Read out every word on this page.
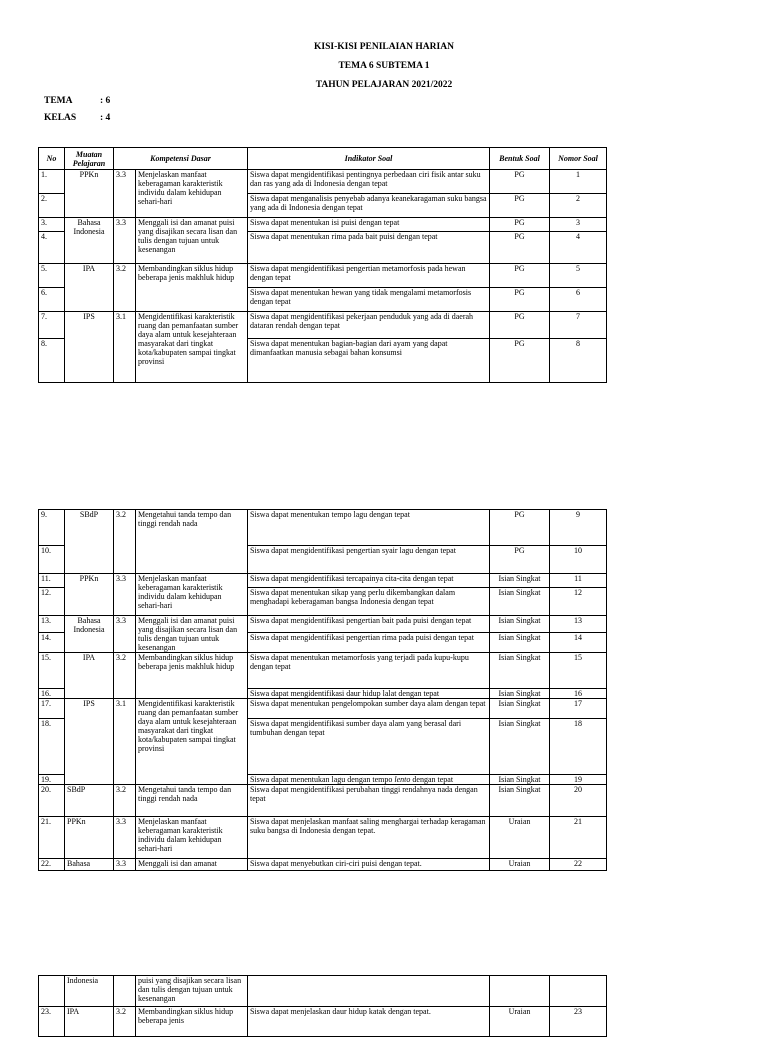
KISI-KISI PENILAIAN HARIAN
TEMA 6 SUBTEMA 1
TAHUN PELAJARAN 2021/2022
TEMA	: 6
KELAS	: 4
No	Muatan Pelajaran	Kompetensi Dasar		Indikator Soal	Bentuk Soal	Nomor Soal
1.	PPKn	3.3	Menjelaskan manfaat keberagaman karakteristik individu dalam kehidupan sehari-hari	Siswa dapat mengidentifikasi pentingnya perbedaan ciri fisik antar suku dan ras yang ada di Indonesia dengan tepat	PG	1
2.				Siswa dapat menganalisis penyebab adanya keanekaragaman suku bangsa yang ada di Indonesia dengan tepat	PG	2
3.	Bahasa Indonesia	3.3	Menggali isi dan amanat puisi yang disajikan secara lisan dan tulis dengan tujuan untuk kesenangan	Siswa dapat menentukan isi puisi dengan tepat	PG	3
4.				Siswa dapat menentukan rima pada bait puisi dengan tepat	PG	4
5.	IPA	3.2	Membandingkan siklus hidup beberapa jenis makhluk hidup	Siswa dapat mengidentifikasi pengertian metamorfosis pada hewan dengan tepat	PG	5
6.				Siswa dapat menentukan hewan yang tidak mengalami metamorfosis dengan tepat	PG	6
7.	IPS	3.1	Mengidentifikasi karakteristik ruang dan pemanfaatan sumber daya alam untuk kesejahteraan masyarakat dari tingkat kota/kabupaten sampai tingkat provinsi	Siswa dapat mengidentifikasi pekerjaan penduduk yang ada di daerah dataran rendah dengan tepat	PG	7
8.				Siswa dapat menentukan bagian-bagian dari ayam yang dapat dimanfaatkan manusia sebagai bahan konsumsi	PG	8
9.	SBdP	3.2	Mengetahui tanda tempo dan tinggi rendah nada	Siswa dapat menentukan tempo lagu dengan tepat	PG	9
10.				Siswa dapat mengidentifikasi pengertian syair lagu dengan tepat	PG	10
11.	PPKn	3.3	Menjelaskan manfaat keberagaman karakteristik individu dalam kehidupan sehari-hari	Siswa dapat mengidentifikasi tercapainya cita-cita dengan tepat	Isian Singkat	11
12.				Siswa dapat menentukan sikap yang perlu dikembangkan dalam menghadapi keberagaman bangsa Indonesia dengan tepat	Isian Singkat	12
13.	Bahasa Indonesia	3.3	Menggali isi dan amanat puisi yang disajikan secara lisan dan tulis dengan tujuan untuk kesenangan	Siswa dapat mengidentifikasi pengertian bait pada puisi dengan tepat	Isian Singkat	13
14.				Siswa dapat mengidentifikasi pengertian rima pada puisi dengan tepat	Isian Singkat	14
15.	IPA	3.2	Membandingkan siklus hidup beberapa jenis makhluk hidup	Siswa dapat menentukan metamorfosis yang terjadi pada kupu-kupu dengan tepat	Isian Singkat	15
16.				Siswa dapat mengidentifikasi daur hidup lalat dengan tepat	Isian Singkat	16
17.	IPS	3.1	Mengidentifikasi karakteristik ruang dan pemanfaatan sumber daya alam untuk kesejahteraan masyarakat dari tingkat kota/kabupaten sampai tingkat provinsi	Siswa dapat menentukan pengelompokan sumber daya alam dengan tepat	Isian Singkat	17
18.				Siswa dapat mengidentifikasi sumber daya alam yang berasal dari tumbuhan dengan tepat	Isian Singkat	18
19.				Siswa dapat menentukan lagu dengan tempo lento dengan tepat	Isian Singkat	19
20.	SBdP	3.2	Mengetahui tanda tempo dan tinggi rendah nada	Siswa dapat mengidentifikasi perubahan tinggi rendahnya nada dengan tepat	Isian Singkat	20
21.	PPKn	3.3	Menjelaskan manfaat keberagaman karakteristik individu dalam kehidupan sehari-hari	Siswa dapat menjelaskan manfaat saling menghargai terhadap keragaman suku bangsa di Indonesia dengan tepat.	Uraian	21
22.	Bahasa	3.3	Menggali isi dan amanat	Siswa dapat menyebutkan ciri-ciri puisi dengan tepat.	Uraian	22
	Indonesia		puisi yang disajikan secara lisan dan tulis dengan tujuan untuk kesenangan			
23.	IPA	3.2	Membandingkan siklus hidup beberapa jenis	Siswa dapat menjelaskan daur hidup katak dengan tepat.	Uraian	23
